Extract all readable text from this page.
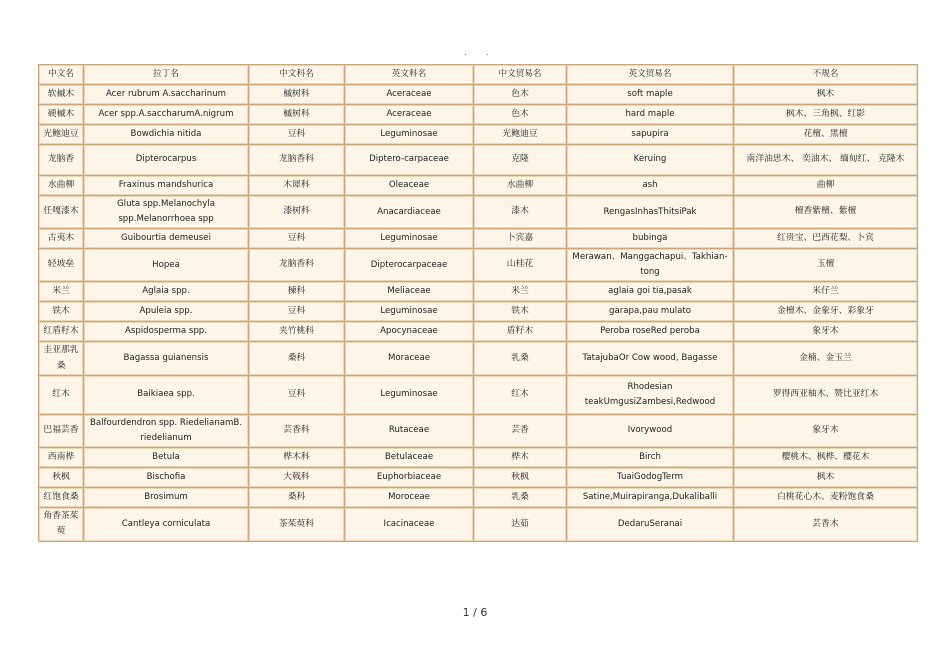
. .
中文名	拉丁名	中文科名	英文科名	中文贸易名	英文贸易名	不规名
软槭木	Acer rubrum A.saccharinum	槭树科	Aceraceae	色木	soft maple	枫木
硬槭木	Acer spp.A.saccharumA.nigrum	槭树科	Aceraceae	色木	hard maple	枫木、三角枫、红影
光鲍迪豆	Bowdichia nitida	豆科	Leguminosae	光鲍迪豆	sapupira	花檀、黑檀
龙脑香	Dipterocarpus	龙脑香科	Diptero-carpaceae	克隆	Keruing	南洋油思木、 奕油木、 缅甸红、 克隆木
水曲柳	Fraxinus mandshurica	木犀科	Oleaceae	水曲柳	ash	曲柳
任嘎漆木	Gluta spp.Melanochyla spp.Melanorrhoea spp	漆树科	Anacardiaceae	漆木	RengasInhasThitsiPak	檀香紫檀、紫檀
古夷木	Guibourtia demeusei	豆科	Leguminosae	卜宾嘉	bubinga	红贵宝、巴西花梨、卜宾
轻坡垒	Hopea	龙脑香科	Dipterocarpaceae	山桂花	Merawan、Manggachapui、Takhian-tong	玉檀
米兰	Aglaia spp.	楝科	Meliaceae	米兰	aglaia goi tia,pasak	米仔兰
铁木	Apuleia spp.	豆科	Leguminosae	铁木	garapa,pau mulato	金檀木、金象牙、彩象牙
红盾籽木	Aspidosperma spp.	夹竹桃科	Apocynaceae	盾籽木	Peroba roseRed peroba	象牙木
圭亚那乳桑	Bagassa guianensis	桑科	Moraceae	乳桑	TatajubaOr Cow wood, Bagasse	金楠、金玉兰
红木	Baikiaea spp.	豆科	Leguminosae	红木	Rhodesian teakUmgusiZambesi,Redwood	罗得西亚柚木、赞比亚红木
巴福芸香	Balfourdendron spp. RiedelianamB. riedelianum	芸香科	Rutaceae	芸香	Ivorywood	象牙木
西南桦	Betula	桦木科	Betulaceae	桦木	Birch	樱桃木、枫桦、樱花木
秋枫	Bischofia	大戟科	Euphorbiaceae	秋枫	TuaiGodogTerm	枫木
红饱食桑	Brosimum	桑科	Moroceae	乳桑	Satine,Muirapiranga,Dukaliballi	白桃花心木、麦粉饱食桑
角香茶茱萸	Cantleya corniculata	茶茱萸科	Icacinaceae	达茹	DedaruSeranai	芸香木
1 / 6
